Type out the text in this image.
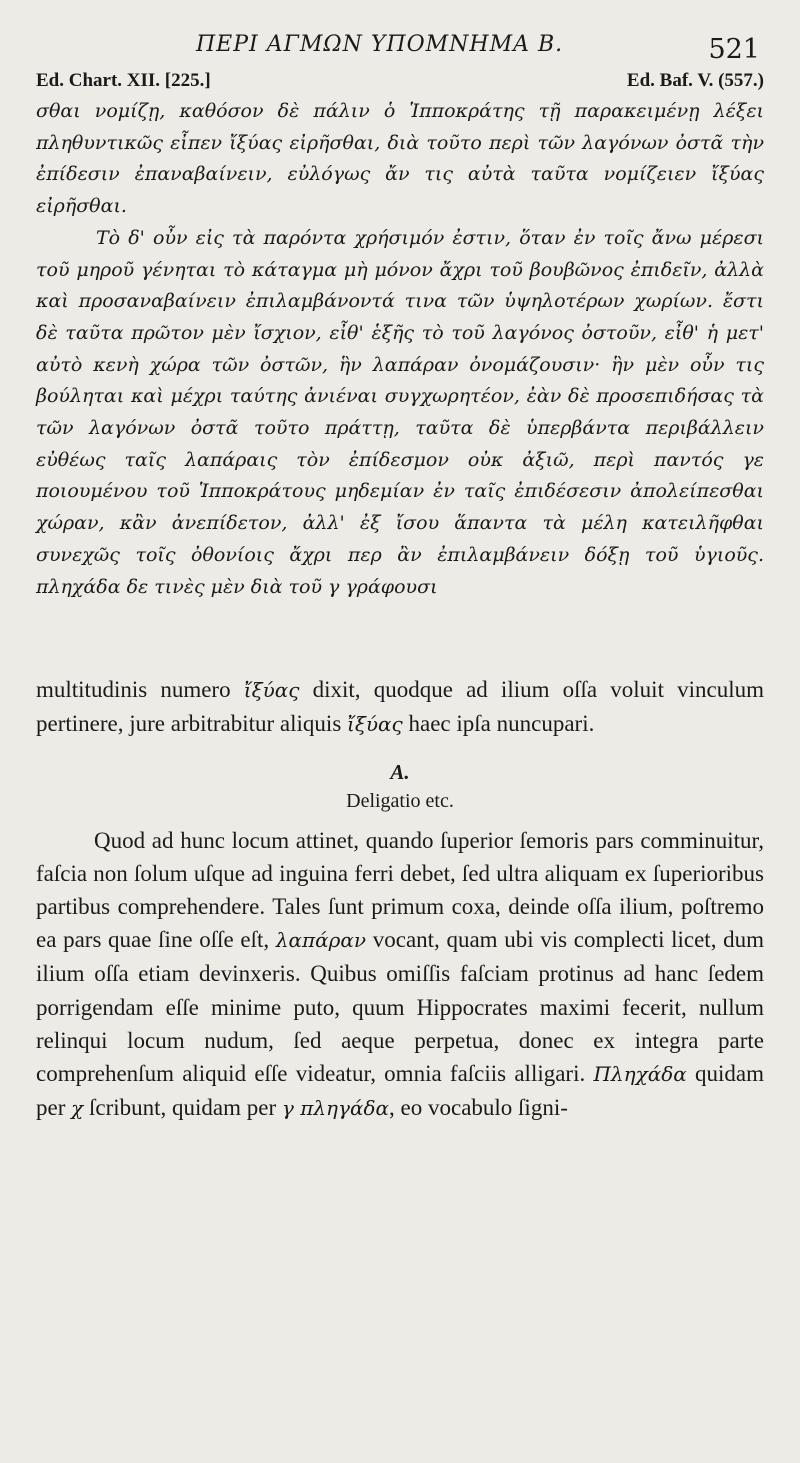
ΠΕΡΙ ΑΓΜΩΝ ΥΠΟΜΝΗΜΑ Β.	521
Ed. Chart. XII. [225.]	Ed. Baf. V. (557.)

σθαι νομίζῃ, καθόσον δὲ πάλιν ὁ Ἱπποκράτης τῇ παρακειμένῃ λέξει πληθυντικῶς εἶπεν ἴξύας εἰρῆσθαι, διὰ τοῦτο περὶ τῶν λαγόνων ὀστᾶ τὴν ἐπίδεσιν ἐπαναβαίνειν, εὐλόγως ἄν τις αὐτὰ ταῦτα νομίζειεν ἴξύας εἰρῆσθαι.

Τὸ δ' οὖν εἰς τὰ παρόντα χρήσιμόν ἐστιν, ὅταν ἐν τοῖς ἄνω μέρεσι τοῦ μηροῦ γένηται τὸ κάταγμα μὴ μόνον ἄχρι τοῦ βουβῶνος ἐπιδεῖν, ἀλλὰ καὶ προσαναβαίνειν ἐπιλαμβάνοντά τινα τῶν ὑψηλοτέρων χωρίων. ἔστι δὲ ταῦτα πρῶτον μὲν ἴσχιον, εἶθ' ἑξῆς τὸ τοῦ λαγόνος ὀστοῦν, εἶθ' ἡ μετ' αὐτὸ κενὴ χώρα τῶν ὀστῶν, ἣν λαπάραν ὀνομάζουσιν· ἣν μὲν οὖν τις βούληται καὶ μέχρι ταύτης ἀνιέναι συγχωρητέον, ἐὰν δὲ προσεπιδήσας τὰ τῶν λαγόνων ὀστᾶ τοῦτο πράττῃ, ταῦτα δὲ ὑπερβάντα περιβάλλειν εὐθέως ταῖς λαπάραις τὸν ἐπίδεσμον οὐκ ἀξιῶ, περὶ παντός γε ποιουμένου τοῦ Ἱπποκράτους μηδεμίαν ἐν ταῖς ἐπιδέσεσιν ἀπολείπεσθαι χώραν, κἂν ἀνεπίδετον, ἀλλ' ἐξ ἴσου ἅπαντα τὰ μέλη κατειλῆφθαι συνεχῶς τοῖς ὀθονίοις ἄχρι περ ἂν ἐπιλαμβάνειν δόξῃ τοῦ ὑγιοῦς. πληχάδα δε τινὲς μὲν διὰ τοῦ γ γράφουσι

multitudinis numero ἴξύας dixit, quodque ad ilium oſſa voluit vinculum pertinere, jure arbitrabitur aliquis ἴξύας haec ipſa nuncupari.

A.
Deligatio etc.

Quod ad hunc locum attinet, quando ſuperior ſemoris pars comminuitur, faſcia non ſolum uſque ad inguina ferri debet, ſed ultra aliquam ex ſuperioribus partibus comprehendere. Tales ſunt primum coxa, deinde oſſa ilium, poſtremo ea pars quae ſine oſſe eſt, λαπάραν vocant, quam ubi vis complecti licet, dum ilium oſſa etiam devinxeris. Quibus omiſſis faſciam protinus ad hanc ſedem porrigendam eſſe minime puto, quum Hippocrates maximi fecerit, nullum relinqui locum nudum, ſed aeque perpetua, donec ex integra parte comprehenſum aliquid eſſe videatur, omnia faſciis alligari. Πληχάδα quidam per χ ſcribunt, quidam per γ πληγάδα, eo vocabulo ſigni-
